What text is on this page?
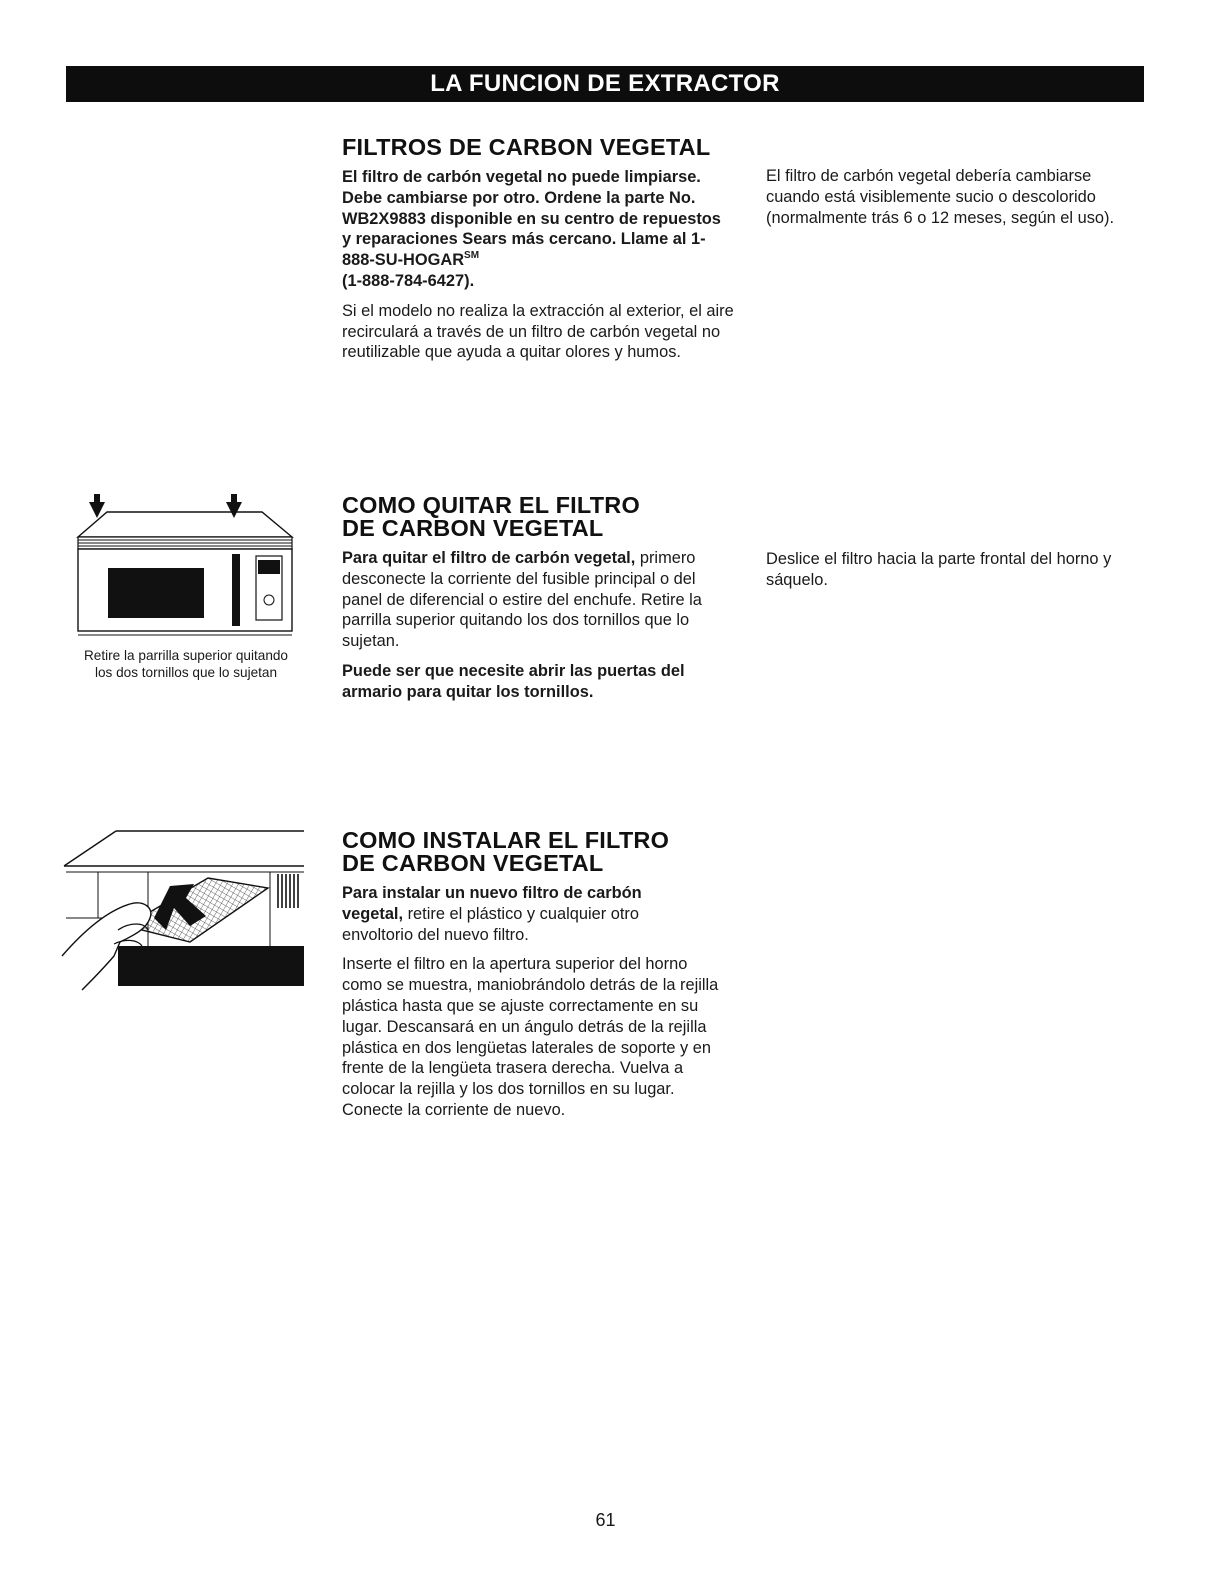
LA FUNCION DE EXTRACTOR
FILTROS DE CARBON VEGETAL

El filtro de carbón vegetal no puede limpiarse. Debe cambiarse por otro. Ordene la parte No. WB2X9883 disponible en su centro de repuestos y reparaciones Sears más cercano. Llame al 1-888-SU-HOGAR℠
(1-888-784-6427).

Si el modelo no realiza la extracción al exterior, el aire recirculará a través de un filtro de carbón vegetal no reutilizable que ayuda a quitar olores y humos.

El filtro de carbón vegetal debería cambiarse cuando está visiblemente sucio o descolorido (normalmente trás 6 o 12 meses, según el uso).

Retire la parrilla superior quitando los dos tornillos que lo sujetan
COMO QUITAR EL FILTRO
DE CARBON VEGETAL

Para quitar el filtro de carbón vegetal, primero desconecte la corriente del fusible principal o del panel de diferencial o estire del enchufe. Retire la parrilla superior quitando los dos tornillos que lo sujetan.

Puede ser que necesite abrir las puertas del armario para quitar los tornillos.

Deslice el filtro hacia la parte frontal del horno y sáquelo.

COMO INSTALAR EL FILTRO
DE CARBON VEGETAL

Para instalar un nuevo filtro de carbón vegetal, retire el plástico y cualquier otro envoltorio del nuevo filtro.

Inserte el filtro en la apertura superior del horno como se muestra, maniobrándolo detrás de la rejilla plástica hasta que se ajuste correctamente en su lugar. Descansará en un ángulo detrás de la rejilla plástica en dos lengüetas laterales de soporte y en frente de la lengüeta trasera derecha. Vuelva a colocar la rejilla y los dos tornillos en su lugar. Conecte la corriente de nuevo.

61
